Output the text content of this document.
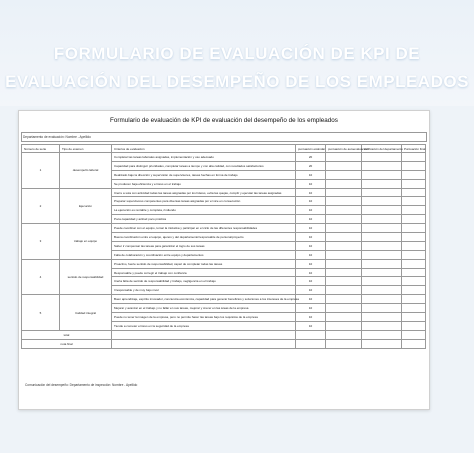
FORMULARIO DE EVALUACIÓN DE KPI DE
EVALUACIÓN DEL DESEMPEÑO DE LOS EMPLEADOS
Formulario de evaluación de KPI de evaluación del desempeño de los empleados
Departamento de evaluación: Nombre - Apellido
Número de serie	Tipo de examen	Criterios de evaluación	puntuación estándar	puntuación de autoevaluación	calificación del departamento	Puntuación final
1	desempeño laboral	Completar las tareas laborales asignadas, implementación y uso adecuado	20			
		Capacidad para distinguir prioridades, completar tareas a tiempo y con alta calidad, con resultados satisfactorios	20			
		Realizado bajo la dirección y supervisión de supervisores, tareas hechas en forma de trabajo	10			
		Se producen baja eficiencia y errores en el trabajo	10			
2	Ejecución	Cierre a sola con actividad todas las tareas asignadas por los líderes, evita las quejas, cumplir y ejecutar las tareas asignadas	10			
		Preparar supervisores competentes para diversas tareas asignadas por el vice en consecución	10			
		La ejecución es rentable y completa, rindiendo	10			
		Poca capacidad y actitud poco práctica	10			
3	trabajo en equipo	Puede coordinar con el equipo, tomar la iniciativa y participar en el ciclo de las diferentes responsabilidades	10			
		Buena coordinación entre el equipo, ajenos y del departamento/responsable de persona/proyecto	10			
		Saber ir compensar las tareas para garantizar el logro de sus tareas	10			
		Falta de colaboración y coordinación entre equipo y departamentos	10			
4	sentido de responsabilidad	Proactivo, fuerte sentido de responsabilidad, capaz de completar todas las tareas	10			
		Responsable y puede corregir el trabajo con confianza	10			
		Cierta falta de sentido de responsabilidad y trabajo, negligencia en el trabajo	10			
		Irresponsable y de muy bajo nivel	10			
5	Calidad integral	Buen aprendizaje, espíritu innovador, conciencia económica, capacidad para generar beneficios y soluciones a los intereses de la empresa	10			
		Mejorar y avanzar en el trabajo y no fallar en sus tareas, mejorar y crecer en las áreas de la empresa	10			
		Puede no tener la imagen de la empresa, pero no permite hacer las tareas bajo los requisitos de la empresa	10			
		Tiende a cometer errores en la seguridad de la empresa	10			
total						
nota final						
Comunicación del desempeño: Departamento de inspección: Nombre - Apellido
